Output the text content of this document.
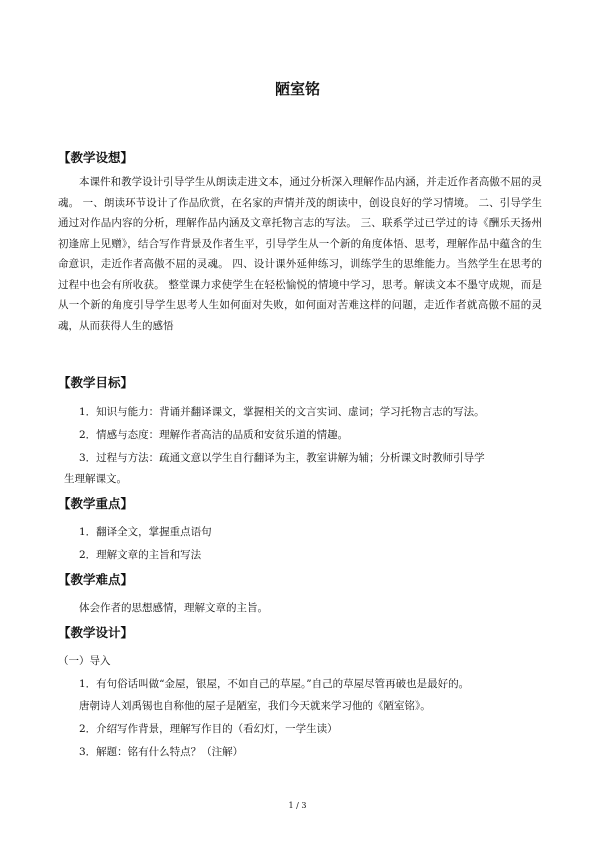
陋室铭
【教学设想】

本课件和教学设计引导学生从朗读走进文本，通过分析深入理解作品内涵，并走近作者高傲不屈的灵魂。 一、朗读环节设计了作品欣赏，在名家的声情并茂的朗读中，创设良好的学习情境。 二、引导学生通过对作品内容的分析，理解作品内涵及文章托物言志的写法。 三、联系学过已学过的诗《酬乐天扬州初逢席上见赠》，结合写作背景及作者生平，引导学生从一个新的角度体悟、思考，理解作品中蕴含的生命意识，走近作者高傲不屈的灵魂。 四、设计课外延伸练习，训练学生的思维能力。当然学生在思考的过程中也会有所收获。 整堂课力求使学生在轻松愉悦的情境中学习，思考。解读文本不墨守成规，而是从一个新的角度引导学生思考人生如何面对失败，如何面对苦难这样的问题，走近作者就高傲不屈的灵魂，从而获得人生的感悟

【教学目标】
1．知识与能力：背诵并翻译课文，掌握相关的文言实词、虚词；学习托物言志的写法。
2．情感与态度：理解作者高洁的品质和安贫乐道的情趣。
3．过程与方法：疏通文意以学生自行翻译为主，教室讲解为辅；分析课文时教师引导学
生理解课文。
【教学重点】
1．翻译全文，掌握重点语句
2．理解文章的主旨和写法
【教学难点】
体会作者的思想感情，理解文章的主旨。
【教学设计】
（一）导入
1．有句俗话叫做“金屋，银屋，不如自己的草屋。”自己的草屋尽管再破也是最好的。
唐朝诗人刘禹锡也自称他的屋子是陋室，我们今天就来学习他的《陋室铭》。
2．介绍写作背景，理解写作目的（看幻灯，一学生读）
3．解题：铭有什么特点？（注解）
1 / 3
